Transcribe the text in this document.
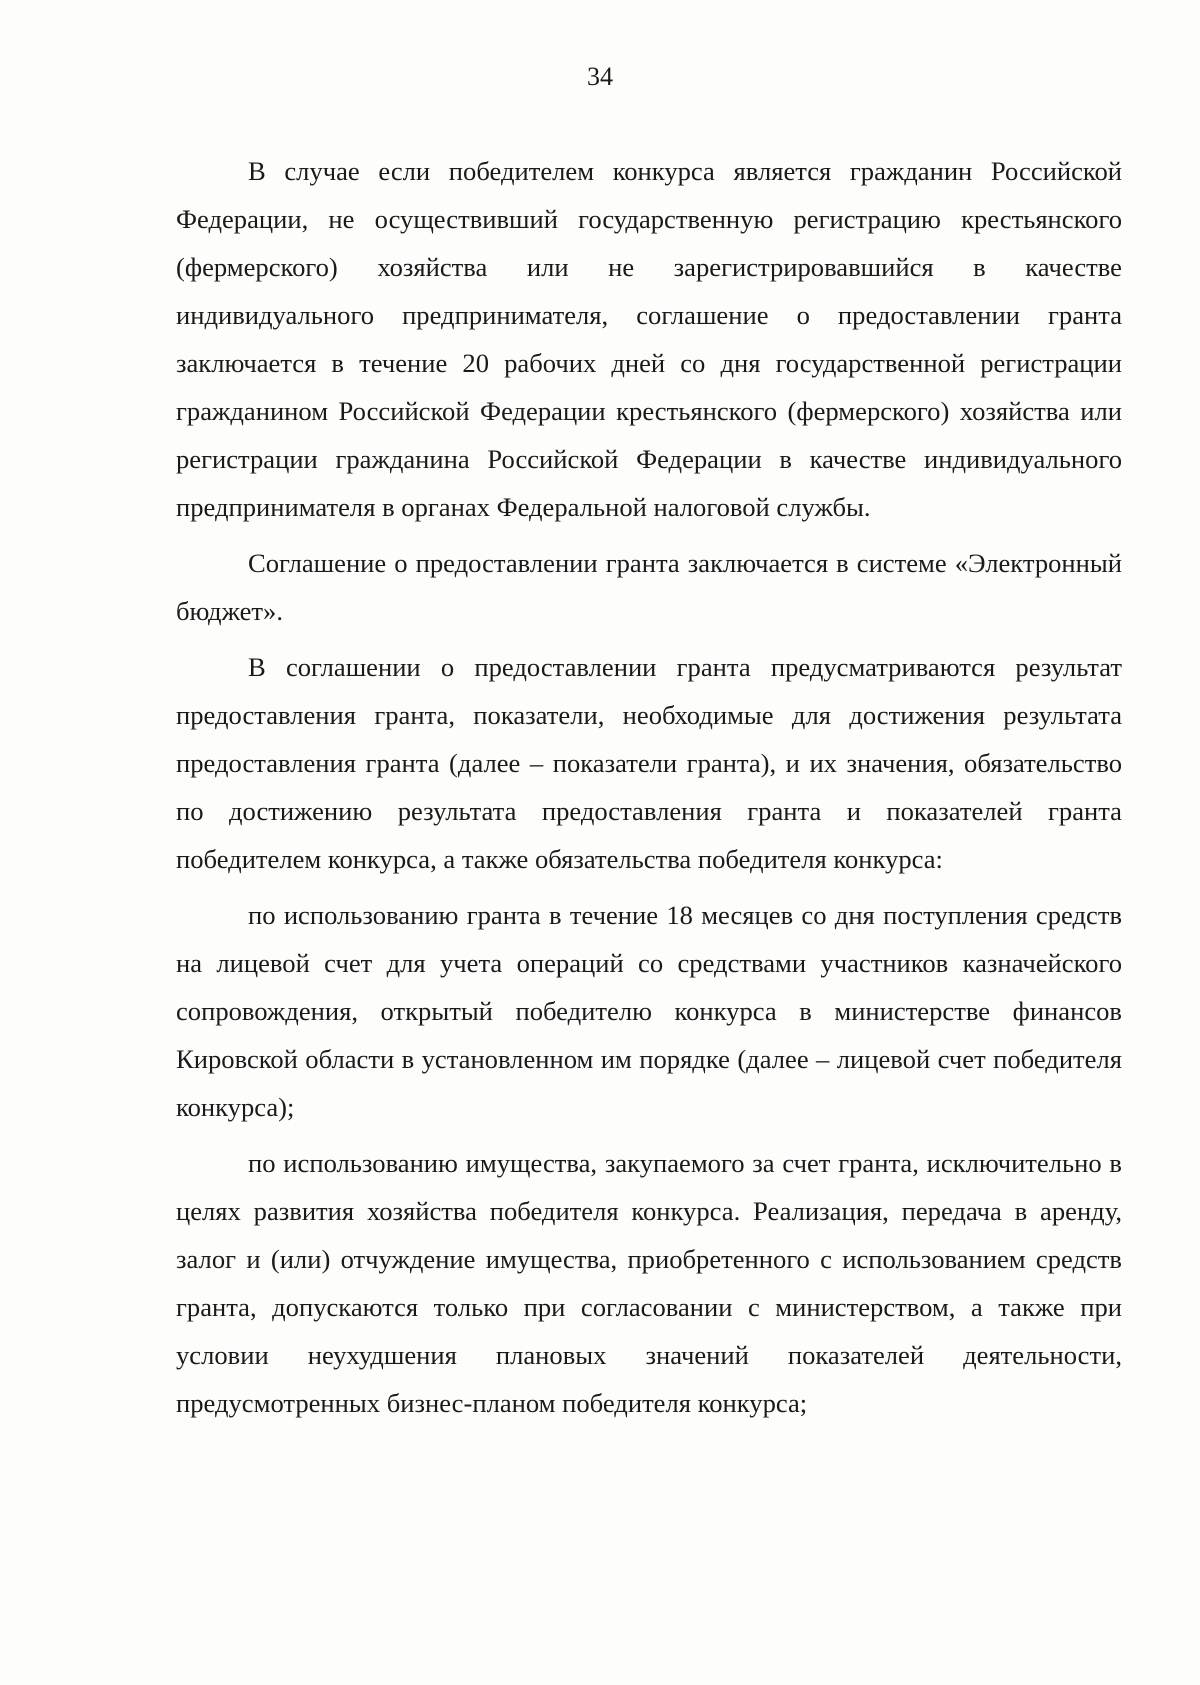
34

В случае если победителем конкурса является гражданин Российской Федерации, не осуществивший государственную регистрацию крестьянского (фермерского) хозяйства или не зарегистрировавшийся в качестве индивидуального предпринимателя, соглашение о предоставлении гранта заключается в течение 20 рабочих дней со дня государственной регистрации гражданином Российской Федерации крестьянского (фермерского) хозяйства или регистрации гражданина Российской Федерации в качестве индивидуального предпринимателя в органах Федеральной налоговой службы.

Соглашение о предоставлении гранта заключается в системе «Электронный бюджет».

В соглашении о предоставлении гранта предусматриваются результат предоставления гранта, показатели, необходимые для достижения результата предоставления гранта (далее – показатели гранта), и их значения, обязательство по достижению результата предоставления гранта и показателей гранта победителем конкурса, а также обязательства победителя конкурса:

по использованию гранта в течение 18 месяцев со дня поступления средств на лицевой счет для учета операций со средствами участников казначейского сопровождения, открытый победителю конкурса в министерстве финансов Кировской области в установленном им порядке (далее – лицевой счет победителя конкурса);

по использованию имущества, закупаемого за счет гранта, исключительно в целях развития хозяйства победителя конкурса. Реализация, передача в аренду, залог и (или) отчуждение имущества, приобретенного с использованием средств гранта, допускаются только при согласовании с министерством, а также при условии неухудшения плановых значений показателей деятельности, предусмотренных бизнес-планом победителя конкурса;
